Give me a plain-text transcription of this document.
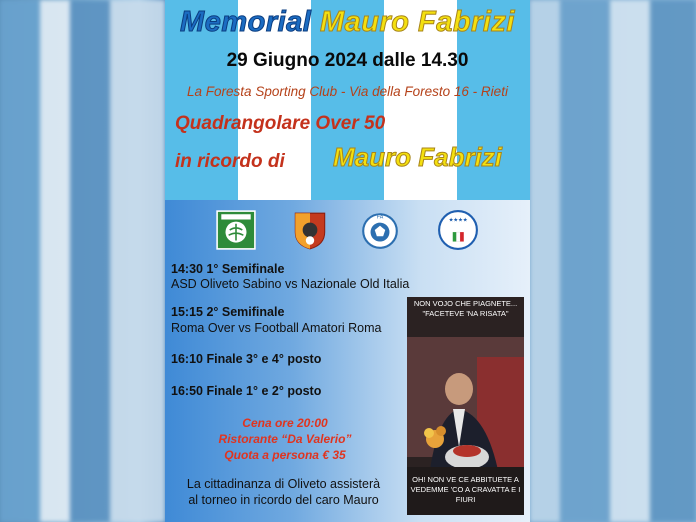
Memorial Mauro Fabrizi
29 Giugno 2024 dalle 14.30
La Foresta Sporting Club - Via della Foresto 16 - Rieti
Quadrangolare Over 50
in ricordo di Mauro Fabrizi
FA
★★★★
14:30 1° Semifinale
ASD Oliveto Sabino vs Nazionale Old Italia
15:15 2° Semifinale
Roma Over vs Football Amatori Roma
16:10 Finale 3° e 4° posto
16:50 Finale 1° e 2° posto
Cena ore 20:00
Ristorante “Da Valerio”
Quota a persona € 35
La cittadinanza di Oliveto assisterà
al torneo in ricordo del caro Mauro
NON VOJO CHE PIAGNETE...
"FACETEVE 'NA RISATA"
OH! NON VE CE ABBITUETE A
VEDEMME 'CO A CRAVATTA E I
FIURI
